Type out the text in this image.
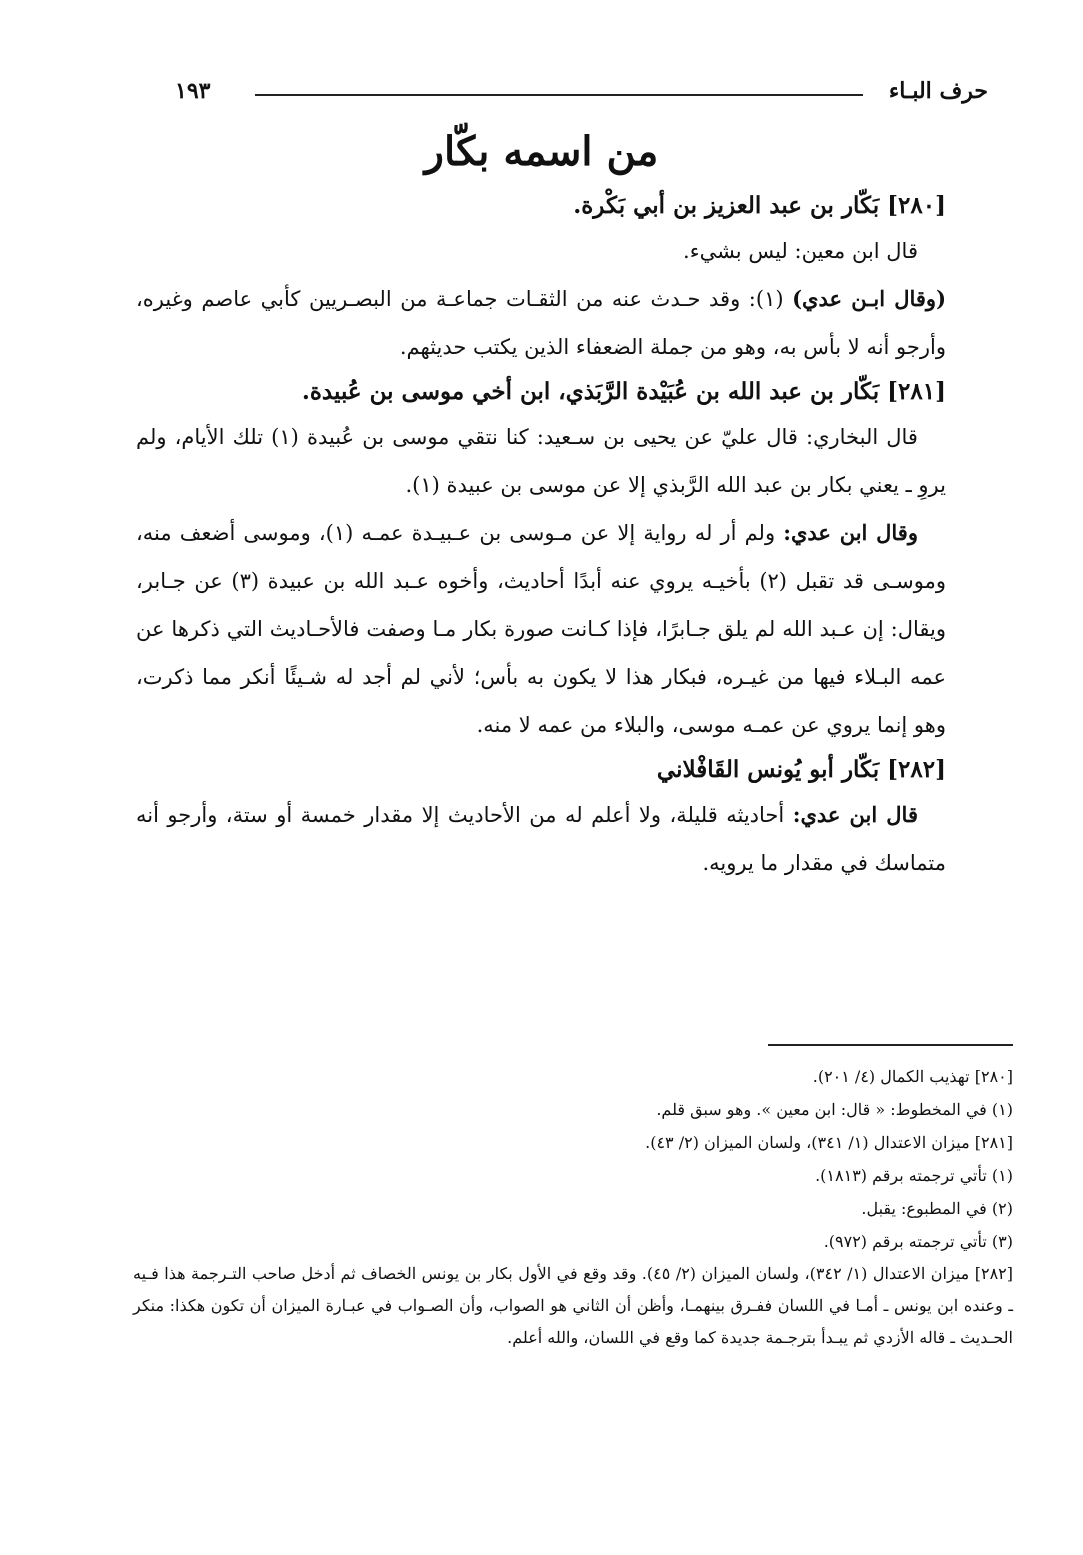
حرف البـاء
١٩٣
من اسمه بكّار
[٢٨٠] بَكّار بن عبد العزيز بن أبي بَكْرة.

قال ابن معين: ليس بشيء.

(وقال ابـن عدي) (١): وقد حـدث عنه من الثقـات جماعـة من البصـريين كأبي عاصم وغيره، وأرجو أنه لا بأس به، وهو من جملة الضعفاء الذين يكتب حديثهم.

[٢٨١] بَكّار بن عبد الله بن عُبَيْدة الرَّبَذي، ابن أخي موسى بن عُبيدة.

قال البخاري: قال عليّ عن يحيى بن سـعيد: كنا نتقي موسى بن عُبيدة (١) تلك الأيام، ولم يروِ ـ يعني بكار بن عبد الله الرَّبذي إلا عن موسى بن عبيدة (١).

وقال ابن عدي: ولم أر له رواية إلا عن مـوسى بن عـبيـدة عمـه (١)، وموسى أضعف منه، وموسـى قد تقبل (٢) بأخيـه يروي عنه أبدًا أحاديث، وأخوه عـبد الله بن عبيدة (٣) عن جـابر، ويقال: إن عـبد الله لم يلق جـابرًا، فإذا كـانت صورة بكار مـا وصفت فالأحـاديث التي ذكرها عن عمه البـلاء فيها من غيـره، فبكار هذا لا يكون به بأس؛ لأني لم أجد له شـيئًا أنكر مما ذكرت، وهو إنما يروي عن عمـه موسى، والبلاء من عمه لا منه.

[٢٨٢] بَكّار أبو يُونس القَافْلاني

قال ابن عدي: أحاديثه قليلة، ولا أعلم له من الأحاديث إلا مقدار خمسة أو ستة، وأرجو أنه متماسك في مقدار ما يرويه.

[٢٨٠] تهذيب الكمال (٤/ ٢٠١).
(١) في المخطوط: « قال: ابن معين ». وهو سبق قلم.
[٢٨١] ميزان الاعتدال (١/ ٣٤١)، ولسان الميزان (٢/ ٤٣).
(١) تأتي ترجمته برقم (١٨١٣).
(٢) في المطبوع: يقبل.
(٣) تأتي ترجمته برقم (٩٧٢).
[٢٨٢] ميزان الاعتدال (١/ ٣٤٢)، ولسان الميزان (٢/ ٤٥). وقد وقع في الأول بكار بن يونس الخصاف ثم أدخل صاحب التـرجمة هذا فـيه ـ وعنده ابن يونس ـ أمـا في اللسان ففـرق بينهمـا، وأظن أن الثاني هو الصواب، وأن الصـواب في عبـارة الميزان أن تكون هكذا: منكر الحـديث ـ قاله الأزدي ثم يبـدأ بترجـمة جديدة كما وقع في اللسان، والله أعلم.
